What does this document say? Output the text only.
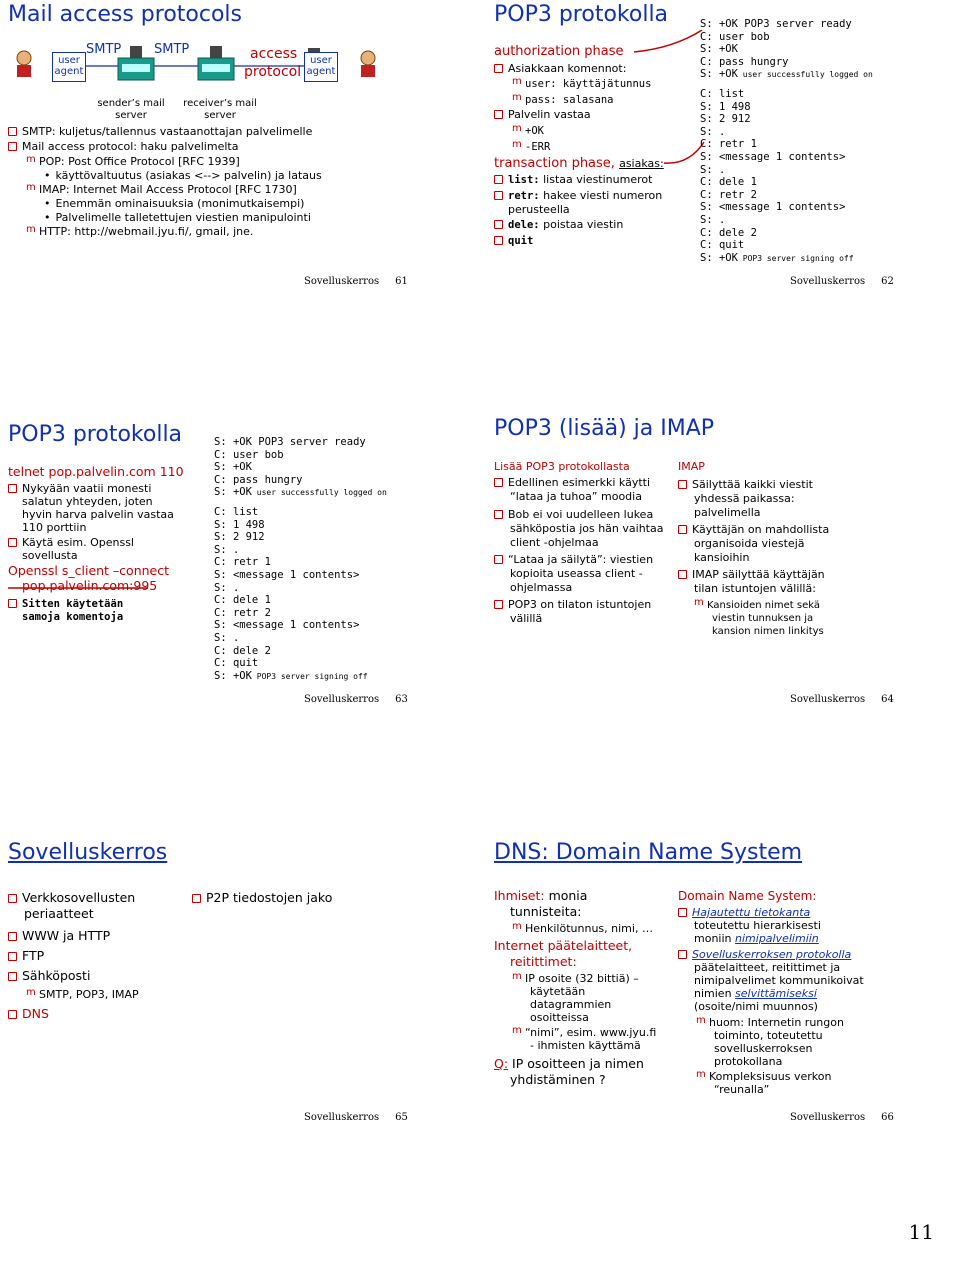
Mail access protocols
user
agent
SMTP	SMTP	access
protocol
user
agent
sender’s mail
server
receiver’s mail
server
SMTP: kuljetus/tallennus vastaanottajan palvelimelle
Mail access protocol: haku palvelimelta
mPOP: Post Office Protocol [RFC 1939]
• käyttövaltuutus (asiakas <--> palvelin) ja lataus
mIMAP: Internet Mail Access Protocol [RFC 1730]
• Enemmän ominaisuuksia (monimutkaisempi)
• Palvelimelle talletettujen viestien manipulointi
mHTTP: http://webmail.jyu.fi/, gmail, jne.
Sovelluskerros 61
POP3 protokolla
authorization phase
Asiakkaan komennot:
muser: käyttäjätunnus
mpass: salasana
Palvelin vastaa
m+OK
m-ERR
transaction phase, asiakas:
list: listaa viestinumerot
retr: hakee viesti numeron
perusteella
dele: poistaa viestin
quit
S: +OK POP3 server ready
C: user bob
S: +OK
C: pass hungry
S: +OK user successfully logged on
C: list
S: 1 498
S: 2 912
S: .
C: retr 1
S: <message 1 contents>
S: .
C: dele 1
C: retr 2
S: <message 1 contents>
S: .
C: dele 2
C: quit
S: +OK POP3 server signing off
Sovelluskerros 62
POP3 protokolla
telnet pop.palvelin.com 110
Nykyään vaatii monesti
salatun yhteyden, joten
hyvin harva palvelin vastaa
110 porttiin
Käytä esim. Openssl
sovellusta
Openssl s_client –connect
pop.palvelin.com:995
Sitten käytetään
samoja komentoja
S: +OK POP3 server ready
C: user bob
S: +OK
C: pass hungry
S: +OK user successfully logged on
C: list
S: 1 498
S: 2 912
S: .
C: retr 1
S: <message 1 contents>
S: .
C: dele 1
C: retr 2
S: <message 1 contents>
S: .
C: dele 2
C: quit
S: +OK POP3 server signing off
Sovelluskerros 63
POP3 (lisää) ja IMAP
Lisää POP3 protokollasta
Edellinen esimerkki käytti
“lataa ja tuhoa” moodia
Bob ei voi uudelleen lukea
sähköpostia jos hän vaihtaa
client -ohjelmaa
“Lataa ja säilytä”: viestien
kopioita useassa client -
ohjelmassa
POP3 on tilaton istuntojen
välillä
IMAP
Säilyttää kaikki viestit
yhdessä paikassa:
palvelimella
Käyttäjän on mahdollista
organisoida viestejä
kansioihin
IMAP säilyttää käyttäjän
tilan istuntojen välillä:
mKansioiden nimet sekä
viestin tunnuksen ja
kansion nimen linkitys
Sovelluskerros 64
Sovelluskerros
Verkkosovellusten
periaatteet
WWW ja HTTP
FTP
Sähköposti
mSMTP, POP3, IMAP
DNS
P2P tiedostojen jako
Sovelluskerros 65
DNS: Domain Name System
Ihmiset: monia
tunnisteita:
mHenkilötunnus, nimi, …
Internet päätelaitteet,
reitittimet:
mIP osoite (32 bittiä) –
käytetään
datagrammien
osoitteissa
m“nimi”, esim. www.jyu.fi
- ihmisten käyttämä
Q: IP osoitteen ja nimen
yhdistäminen ?
Domain Name System:
Hajautettu tietokanta
toteutettu hierarkisesti
moniin nimipalvelimiin
Sovelluskerroksen protokolla
päätelaitteet, reitittimet ja
nimipalvelimet kommunikoivat
nimien selvittämiseksi
(osoite/nimi muunnos)
mhuom: Internetin rungon
toiminto, toteutettu
sovelluskerroksen
protokollana
mKompleksisuus verkon
“reunalla”
Sovelluskerros 66
11
